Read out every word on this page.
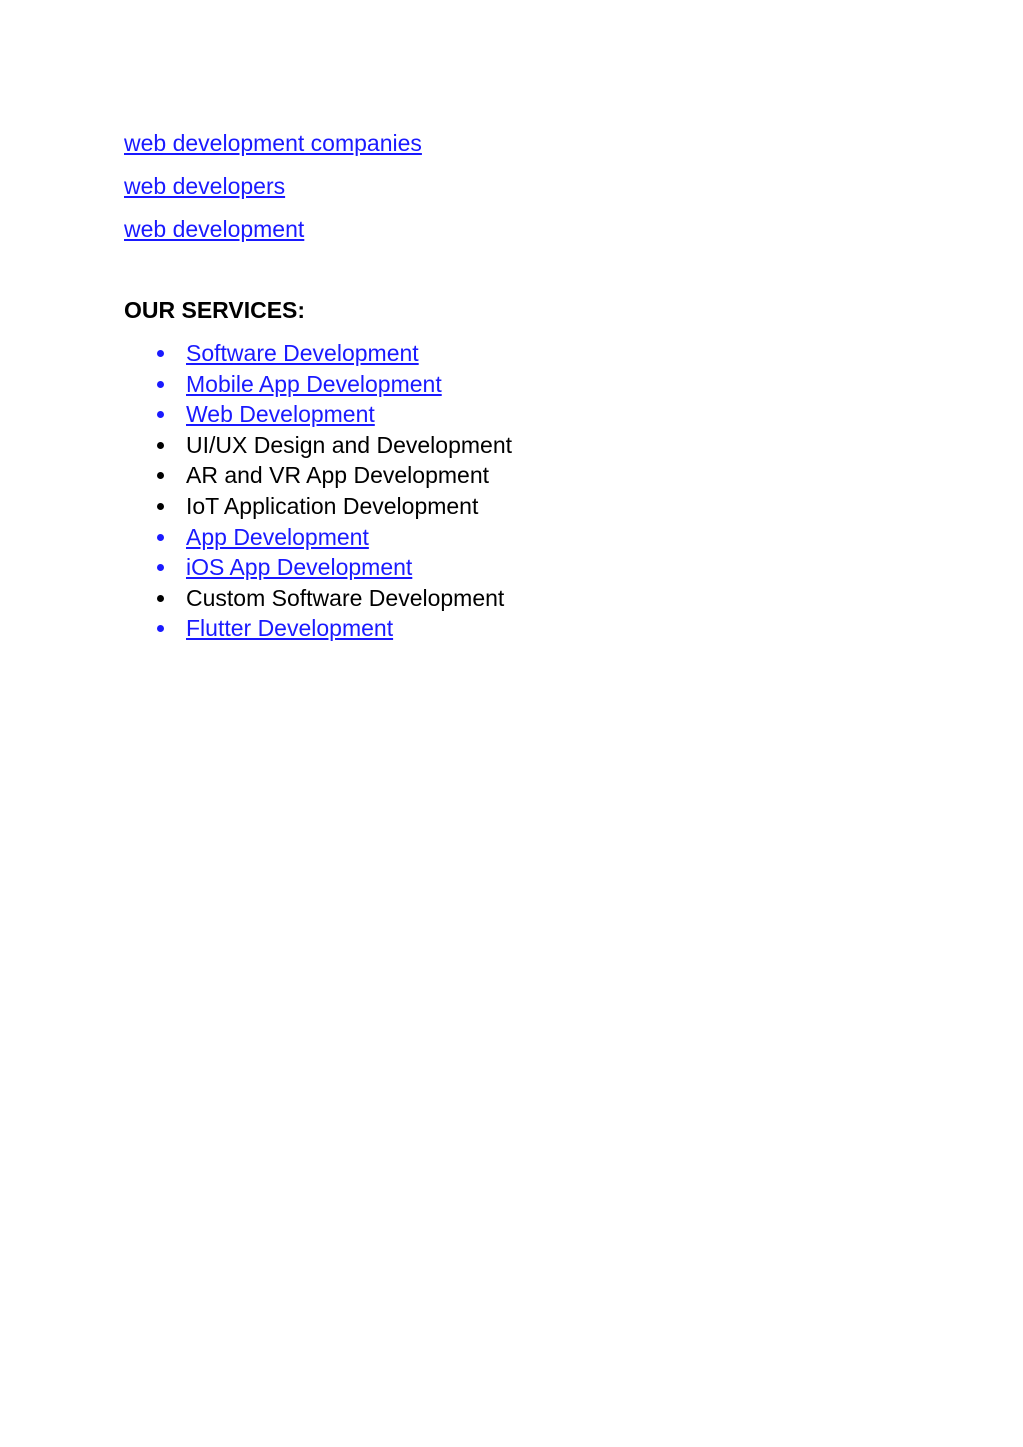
web development companies
web developers
web development
OUR SERVICES:
Software Development
Mobile App Development
Web Development
UI/UX Design and Development
AR and VR App Development
IoT Application Development
App Development
iOS App Development
Custom Software Development
Flutter Development
